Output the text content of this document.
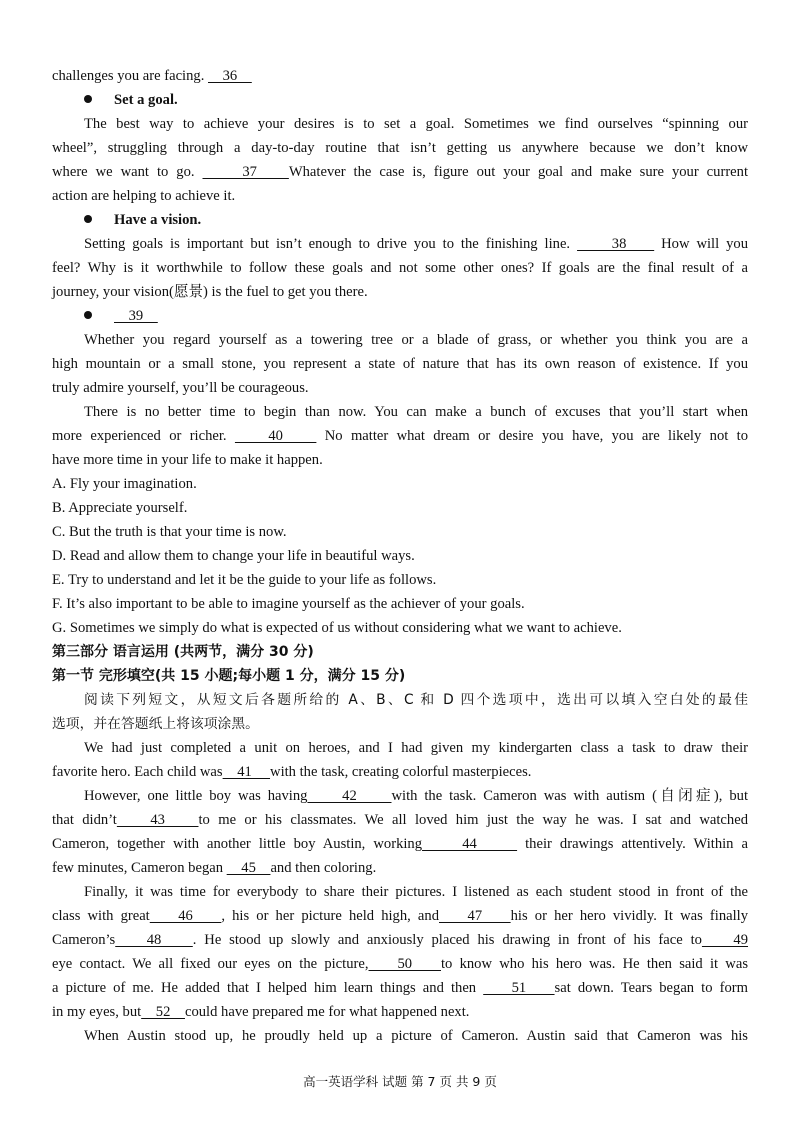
challenges you are facing.     36
Set a goal.
The best way to achieve your desires is to set a goal. Sometimes we find ourselves “spinning our
wheel”, struggling through a day-to-day routine that isn’t getting us anywhere because we don’t know
where we want to go.      37    Whatever the case is, figure out your goal and make sure your current
action are helping to achieve it.
Have a vision.
Setting goals is important but isn’t enough to drive you to the finishing line.      38     How will you
feel? Why is it worthwhile to follow these goals and not some other ones? If goals are the final result of a
journey, your vision(愿景) is the fuel to get you there.
39
Whether you regard yourself as a towering tree or a blade of grass, or whether you think you are a
high mountain or a small stone, you represent a state of nature that has its own reason of existence. If you
truly admire yourself, you’ll be courageous.
There is no better time to begin than now. You can make a bunch of excuses that you’ll start when
more experienced or richer.     40     No matter what dream or desire you have, you are likely not to
have more time in your life to make it happen.
A. Fly your imagination.
B. Appreciate yourself.
C. But the truth is that your time is now.
D. Read and allow them to change your life in beautiful ways.
E. Try to understand and let it be the guide to your life as follows.
F. It’s also important to be able to imagine yourself as the achiever of your goals.
G. Sometimes we simply do what is expected of us without considering what we want to achieve.
第三部分 语言运用 (共两节，满分 30 分)
第一节 完形填空(共 15 小题;每小题 1 分，满分 15 分)
阅读下列短文，从短文后各题所给的 A、B、C 和 D 四个选项中，选出可以填入空白处的最佳
选项，并在答题纸上将该项涂黑。
We had just completed a unit on heroes, and I had given my kindergarten class a task to draw their
favorite hero. Each child was    41     with the task, creating colorful masterpieces.
However, one little boy was having     42     with the task. Cameron was with autism (自闭症), but
that didn’t    43    to me or his classmates. We all loved him just the way he was. I sat and watched
Cameron, together with another little boy Austin, working     44      their drawings attentively. Within a
few minutes, Cameron began     45    and then coloring.
Finally, it was time for everybody to share their pictures. I listened as each student stood in front of the
class with great    46    , his or her picture held high, and    47    his or her hero vividly. It was finally
Cameron’s    48    . He stood up slowly and anxiously placed his drawing in front of his face to    49
eye contact. We all fixed our eyes on the picture,    50    to know who his hero was. He then said it was
a picture of me. He added that I helped him learn things and then     51    sat down. Tears began to form
in my eyes, but    52    could have prepared me for what happened next.
When Austin stood up, he proudly held up a picture of Cameron. Austin said that Cameron was his
高一英语学科 试题 第 7 页 共 9 页
